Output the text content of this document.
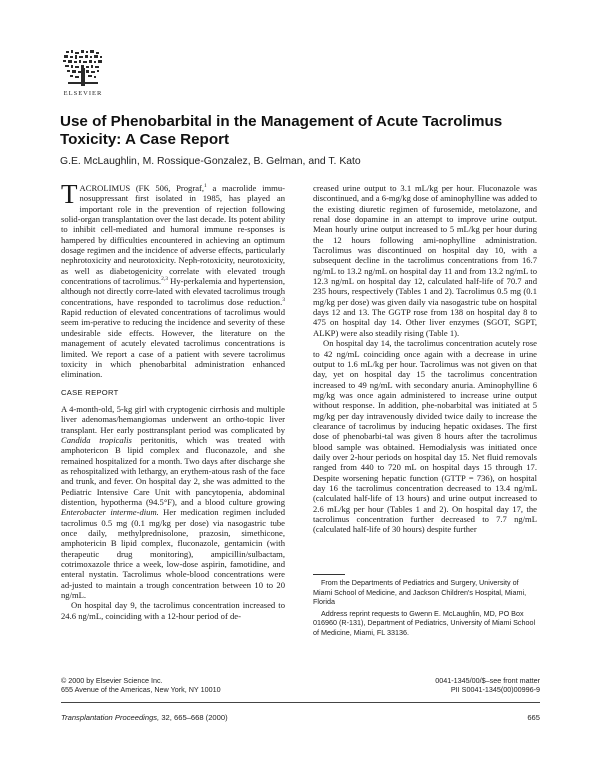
ELSEVIER
Use of Phenobarbital in the Management of Acute Tacrolimus
Toxicity: A Case Report
G.E. McLaughlin, M. Rossique-Gonzalez, B. Gelman, and T. Kato

TACROLIMUS (FK 506, Prograf,$^1$ a macrolide immu-nosuppressant first isolated in 1985, has played an important role in the prevention of rejection following solid-organ transplantation over the last decade. Its potent ability to inhibit cell-mediated and humoral immune re-sponses is hampered by difficulties encountered in achieving an optimum dosage regimen and the incidence of adverse effects, particularly nephrotoxicity and neurotoxicity. Neph-rotoxicity, neurotoxicity, as well as diabetogenicity correlate with elevated trough concentrations of tacrolimus.$^{2,3}$ Hy-perkalemia and hypertension, although not directly corre-lated with elevated tacrolimus trough concentrations, have responded to tacrolimus dose reduction.$^3$ Rapid reduction of elevated concentrations of tacrolimus would seem im-perative to reducing the incidence and severity of these undesirable side effects. However, the literature on the management of acutely elevated tacrolimus concentrations is limited. We report a case of a patient with severe tacrolimus toxicity in which phenobarbital administration enhanced elimination.

CASE REPORT

A 4-month-old, 5-kg girl with cryptogenic cirrhosis and multiple liver adenomas/hemangiomas underwent an ortho-topic liver transplant. Her early posttransplant period was complicated by Candida tropicalis peritonitis, which was treated with amphotericon B lipid complex and fluconazole, and she remained hospitalized for a month. Two days after discharge she as rehospitalized with lethargy, an erythem-atous rash of the face and trunk, and fever. On hospital day 2, she was admitted to the Pediatric Intensive Care Unit with pancytopenia, abdominal distention, hypotherma (94.5°F), and a blood culture growing Enterobacter interme-dium. Her medication regimen included tacrolimus 0.5 mg (0.1 mg/kg per dose) via nasogastric tube once daily, methylprednisolone, prazosin, simethicone, amphotericin B lipid complex, fluconazole, gentamicin (with therapeutic drug monitoring), ampicillin/sulbactam, cotrimoxazole thrice a week, low-dose aspirin, famotidine, and enteral nystatin. Tacrolimus whole-blood concentrations were ad-justed to maintain a trough concentration between 10 to 20 ng/mL.

On hospital day 9, the tacrolimus concentration increased to 24.6 ng/mL, coinciding with a 12-hour period of de-

creased urine output to 3.1 mL/kg per hour. Fluconazole was discontinued, and a 6-mg/kg dose of aminophylline was added to the existing diuretic regimen of furosemide, metolazone, and renal dose dopamine in an attempt to improve urine output. Mean hourly urine output increased to 5 mL/kg per hour during the 12 hours following ami-nophylline administration. Tacrolimus was discontinued on hospital day 10, with a subsequent decline in the tacrolimus concentrations from 16.7 ng/mL to 13.2 ng/mL on hospital day 11 and from 13.2 ng/mL to 12.3 ng/mL on hospital day 12, calculated half-life of 70.7 and 235 hours, respectively (Tables 1 and 2). Tacrolimus 0.5 mg (0.1 mg/kg per dose) was given daily via nasogastric tube on hospital days 12 and 13. The GGTP rose from 138 on hospital day 8 to 475 on hospital day 14. Other liver enzymes (SGOT, SGPT, ALKP) were also steadily rising (Table 1).

On hospital day 14, the tacrolimus concentration acutely rose to 42 ng/mL coinciding once again with a decrease in urine output to 1.6 mL/kg per hour. Tacrolimus was not given on that day, yet on hospital day 15 the tacrolimus concentration increased to 49 ng/mL with secondary anuria. Aminophylline 6 mg/kg was once again administered to increase urine output without response. In addition, phe-nobarbital was initiated at 5 mg/kg per day intravenously divided twice daily to increase the clearance of tacrolimus by inducing hepatic oxidases. The first dose of phenobarbi-tal was given 8 hours after the tacrolimus blood sample was obtained. Hemodialysis was initiated once daily over 2-hour periods on hospital day 15. Net fluid removals ranged from 440 to 720 mL on hospital days 15 through 17. Despite worsening hepatic function (GTTP = 736), on hospital day 16 the tacrolimus concentration decreased to 13.4 ng/mL (calculated half-life of 13 hours) and urine output increased to 2.6 mL/kg per hour (Tables 1 and 2). On hospital day 17, the tacrolimus concentration further decreased to 7.7 ng/mL (calculated half-life of 30 hours) despite further

From the Departments of Pediatrics and Surgery, University of Miami School of Medicine, and Jackson Children's Hospital, Miami, Florida

Address reprint requests to Gwenn E. McLaughlin, MD, PO Box 016960 (R-131), Department of Pediatrics, University of Miami School of Medicine, Miami, FL 33136.

© 2000 by Elsevier Science Inc.
655 Avenue of the Americas, New York, NY 10010
0041-1345/00/$–see front matter
PII S0041-1345(00)00996-9
Transplantation Proceedings, 32, 665–668 (2000)	665
